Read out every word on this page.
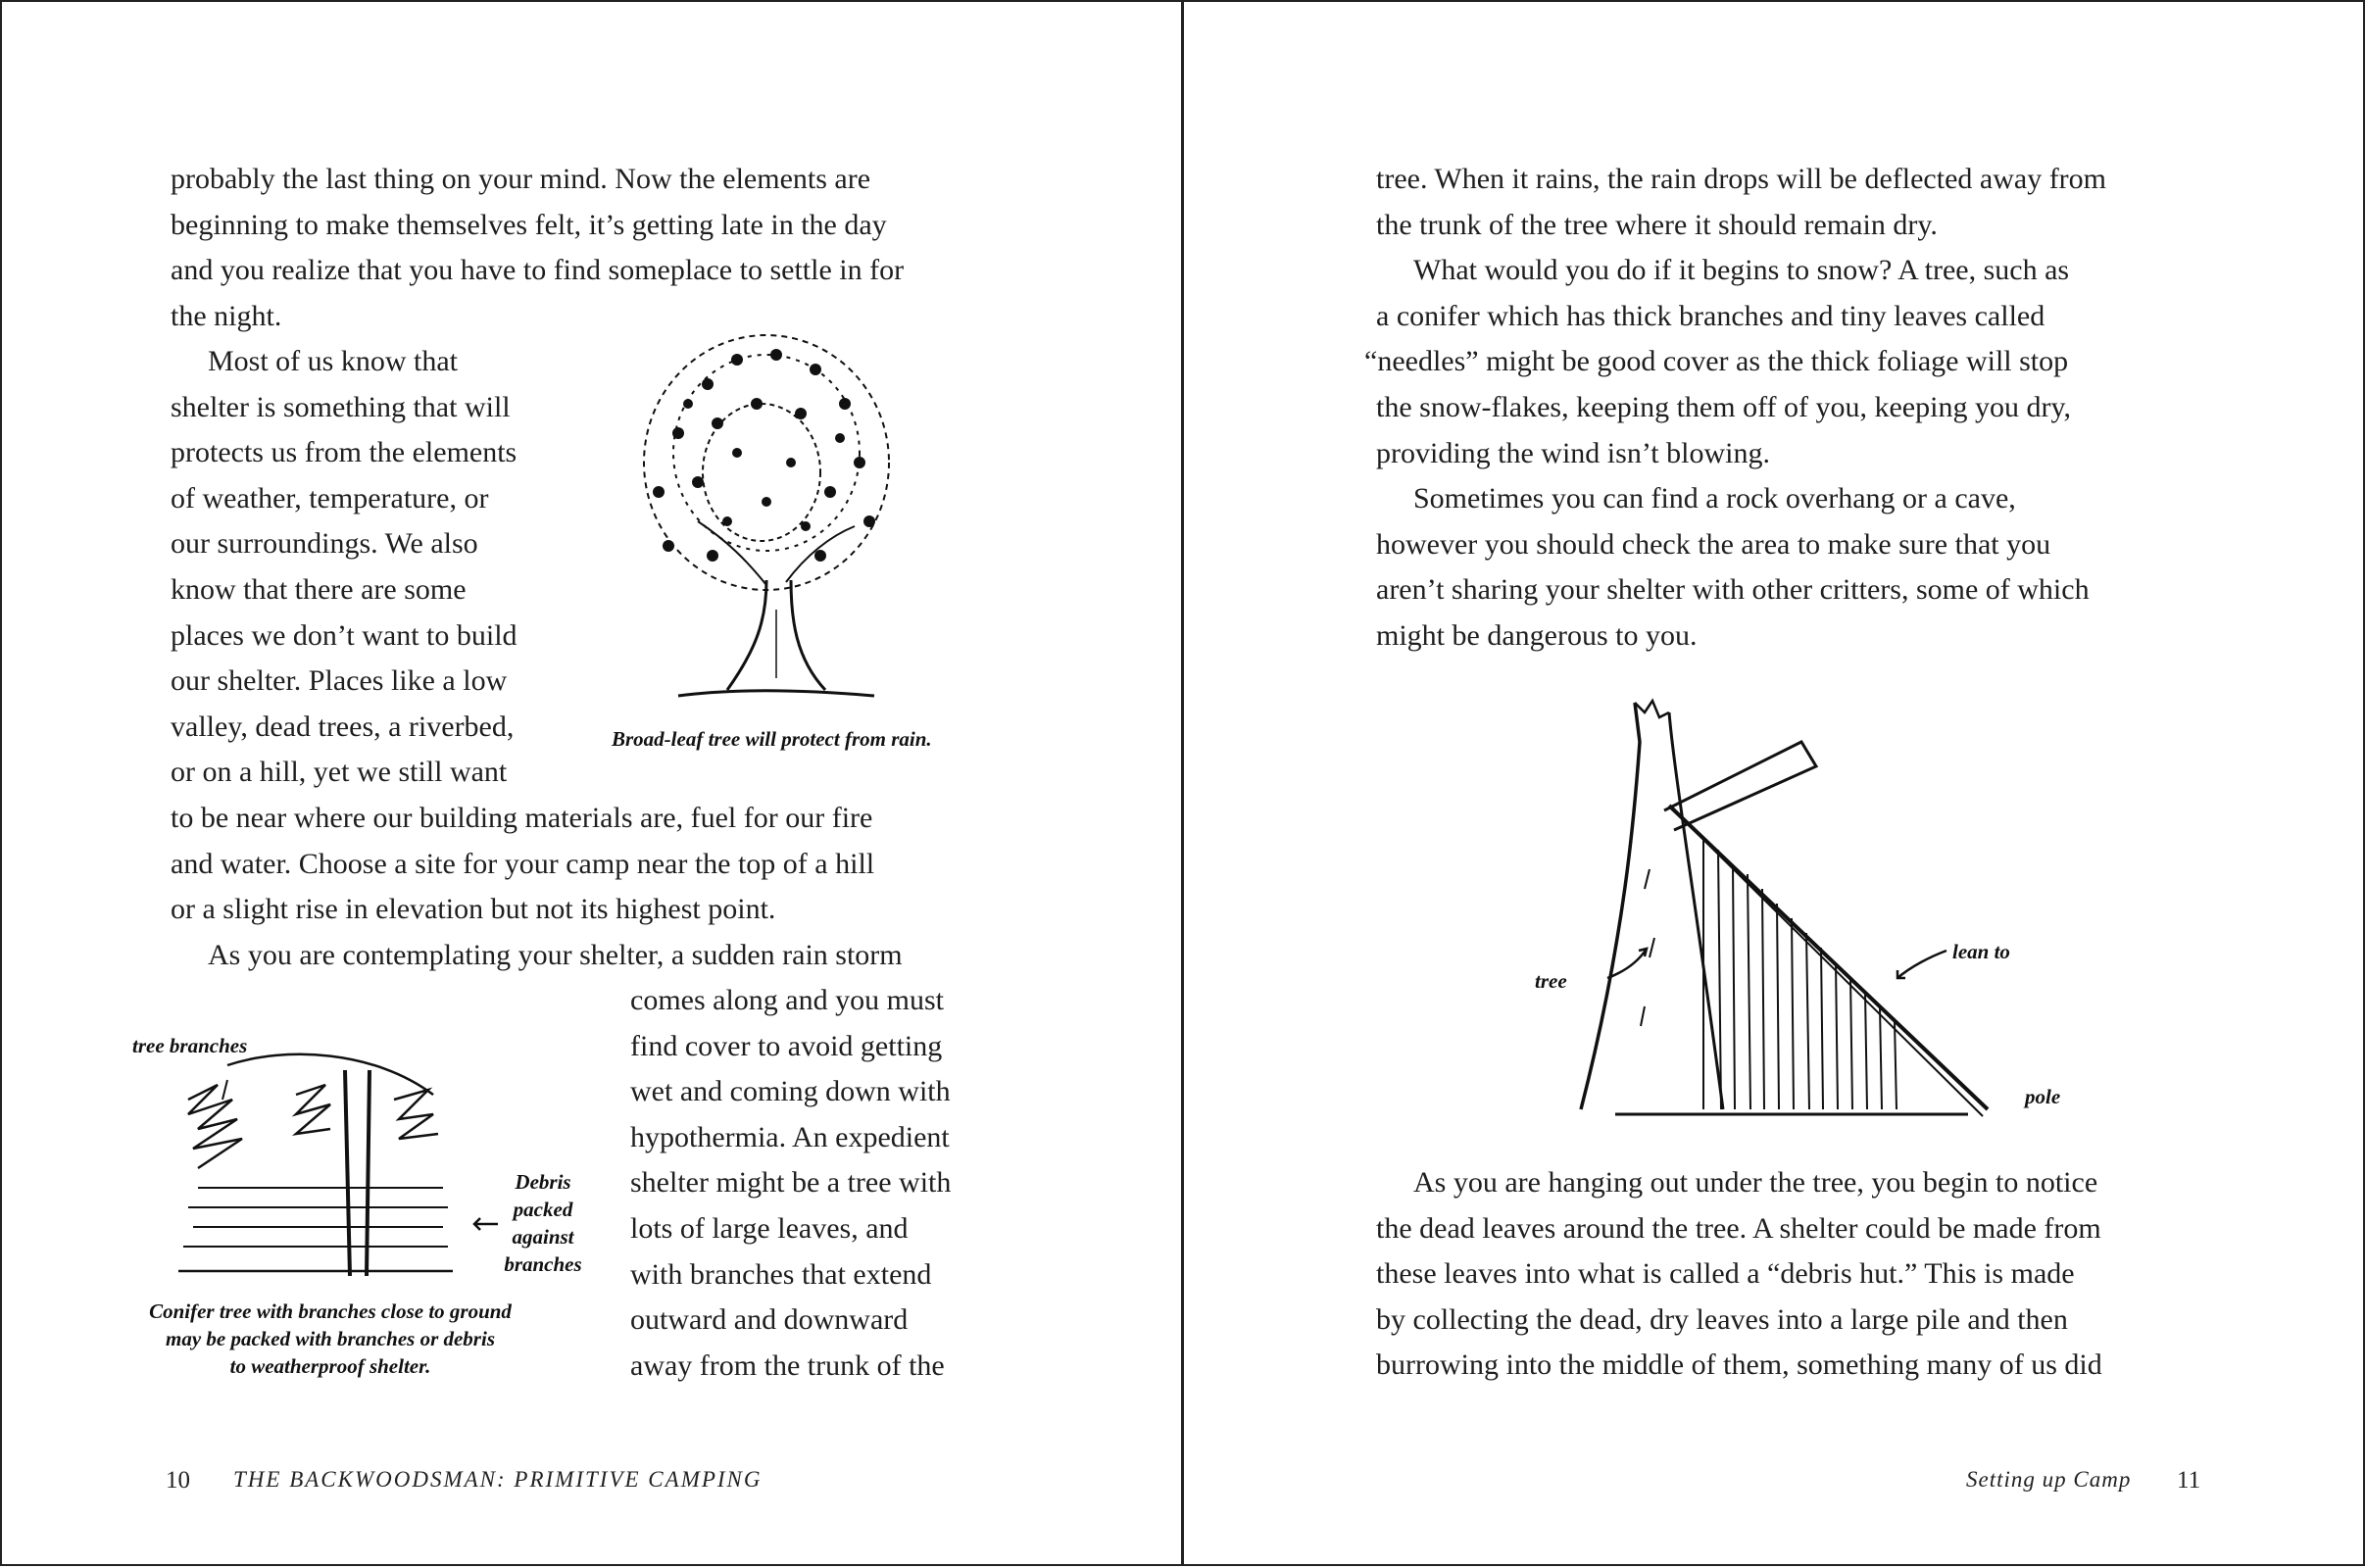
probably the last thing on your mind. Now the elements are

beginning to make themselves felt, it’s getting late in the day

and you realize that you have to find someplace to settle in for

the night.

Most of us know that

shelter is something that will

protects us from the elements

of weather, temperature, or

our surroundings. We also

know that there are some

places we don’t want to build

our shelter. Places like a low

valley, dead trees, a riverbed,

or on a hill, yet we still want

to be near where our building materials are, fuel for our fire

and water. Choose a site for your camp near the top of a hill

or a slight rise in elevation but not its highest point.

As you are contemplating your shelter, a sudden rain storm

comes along and you must

find cover to avoid getting

wet and coming down with

hypothermia. An expedient

shelter might be a tree with

lots of large leaves, and

with branches that extend

outward and downward

away from the trunk of the

Broad-leaf tree will protect from rain.
tree branches
Debris
packed
against
branches
Conifer tree with branches close to ground
may be packed with branches or debris
to weatherproof shelter.
10 THE BACKWOODSMAN: PRIMITIVE CAMPING

tree. When it rains, the rain drops will be deflected away from

the trunk of the tree where it should remain dry.

What would you do if it begins to snow? A tree, such as

a conifer which has thick branches and tiny leaves called

“needles” might be good cover as the thick foliage will stop

the snow-flakes, keeping them off of you, keeping you dry,

providing the wind isn’t blowing.

Sometimes you can find a rock overhang or a cave,

however you should check the area to make sure that you

aren’t sharing your shelter with other critters, some of which

might be dangerous to you.

tree
lean to
pole

As you are hanging out under the tree, you begin to notice

the dead leaves around the tree. A shelter could be made from

these leaves into what is called a “debris hut.” This is made

by collecting the dead, dry leaves into a large pile and then

burrowing into the middle of them, something many of us did

Setting up Camp 11
